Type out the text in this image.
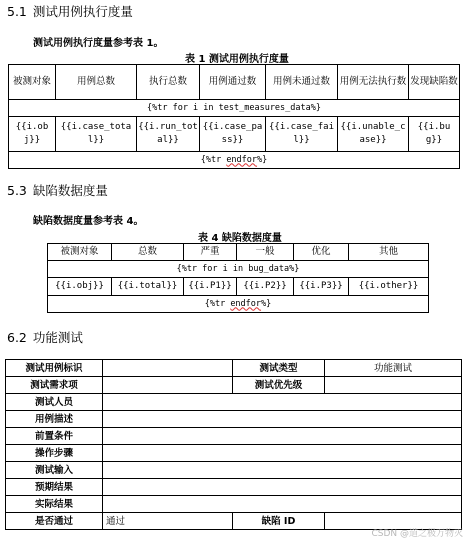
5.1 测试用例执行度量
测试用例执行度量参考表 1。
表 1 测试用例执行度量
被测对象	用例总数	执行总数	用例通过数	用例未通过数	用例无法执行数	发现缺陷数
{%tr for i in test_measures_data%}						
{{i.obj}}	{{i.case_total}}	{{i.run_total}}	{{i.case_pass}}	{{i.case_fail}}	{{i.unable_case}}	{{i.bug}}
{%tr endfor%}						
5.3 缺陷数据度量
缺陷数据度量参考表 4。
表 4 缺陷数据度量
被测对象	总数	严重	一般	优化	其他
{%tr for i in bug_data%}					
{{i.obj}}	{{i.total}}	{{i.P1}}	{{i.P2}}	{{i.P3}}	{{i.other}}
{%tr endfor%}					
6.2 功能测试
测试用例标识		测试类型	功能测试
测试需求项		测试优先级	
测试人员			
用例描述			
前置条件			
操作步骤			
测试输入			
预期结果			
实际结果			
是否通过	通过	缺陷 ID	
CSDN @道之极万物灭
